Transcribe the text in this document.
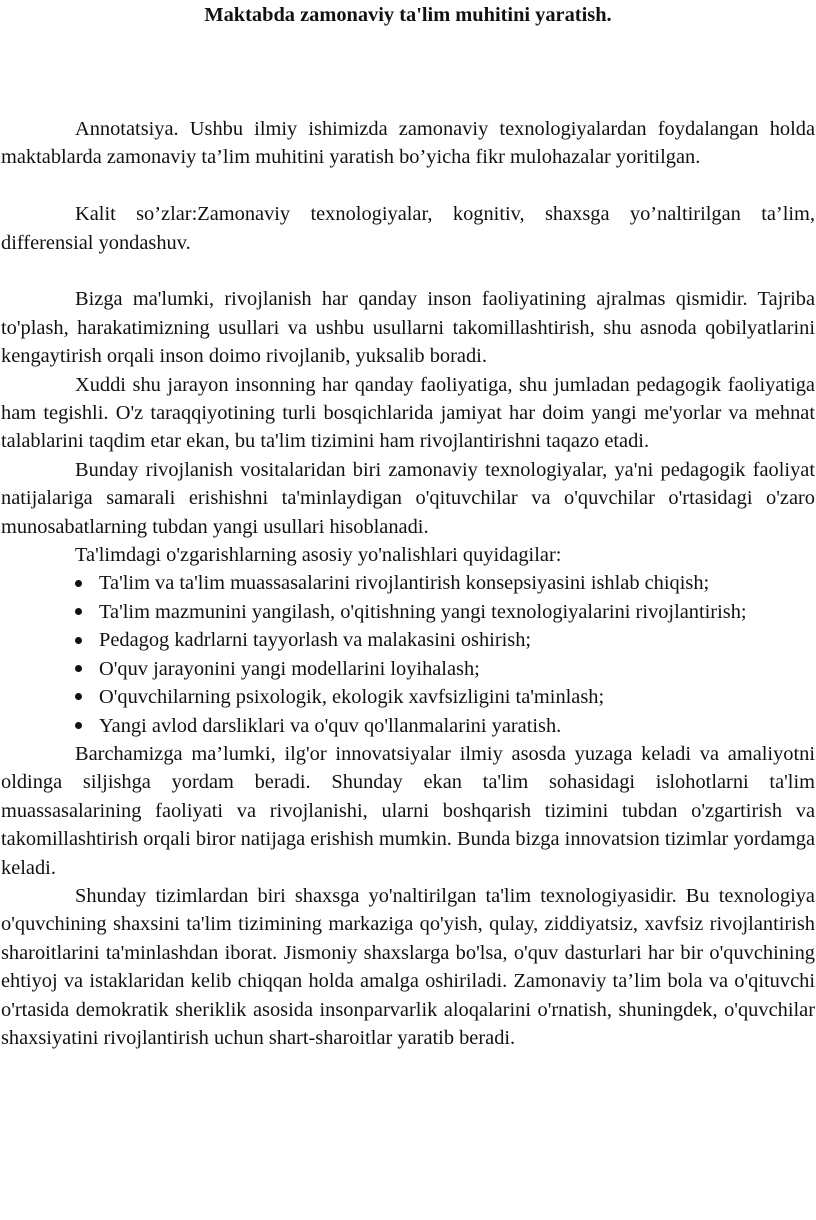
Maktabda zamonaviy ta'lim muhitini yaratish.

Annotatsiya. Ushbu ilmiy ishimizda zamonaviy texnologiyalardan foydalangan holda maktablarda zamonaviy ta’lim muhitini yaratish bo’yicha fikr mulohazalar yoritilgan.

Kalit so’zlar:Zamonaviy texnologiyalar, kognitiv, shaxsga yo’naltirilgan ta’lim, differensial yondashuv.

Bizga ma'lumki, rivojlanish har qanday inson faoliyatining ajralmas qismidir. Tajriba to'plash, harakatimizning usullari va ushbu usullarni takomillashtirish, shu asnoda qobilyatlarini kengaytirish orqali inson doimo rivojlanib, yuksalib boradi.

Xuddi shu jarayon insonning har qanday faoliyatiga, shu jumladan pedagogik faoliyatiga ham tegishli. O'z taraqqiyotining turli bosqichlarida jamiyat har doim yangi me'yorlar va mehnat talablarini taqdim etar ekan, bu ta'lim tizimini ham rivojlantirishni taqazo etadi.

Bunday rivojlanish vositalaridan biri zamonaviy texnologiyalar, ya'ni pedagogik faoliyat natijalariga samarali erishishni ta'minlaydigan o'qituvchilar va o'quvchilar o'rtasidagi o'zaro munosabatlarning tubdan yangi usullari hisoblanadi.

Ta'limdagi o'zgarishlarning asosiy yo'nalishlari quyidagilar:

Ta'lim va ta'lim muassasalarini rivojlantirish konsepsiyasini ishlab chiqish;
Ta'lim mazmunini yangilash, o'qitishning yangi texnologiyalarini rivojlantirish;
Pedagog kadrlarni tayyorlash va malakasini oshirish;
O'quv jarayonini yangi modellarini loyihalash;
O'quvchilarning psixologik, ekologik xavfsizligini ta'minlash;
Yangi avlod darsliklari va o'quv qo'llanmalarini yaratish.

Barchamizga ma’lumki, ilg'or innovatsiyalar ilmiy asosda yuzaga keladi va amaliyotni oldinga siljishga yordam beradi. Shunday ekan ta'lim sohasidagi islohotlarni ta'lim muassasalarining faoliyati va rivojlanishi, ularni boshqarish tizimini tubdan o'zgartirish va takomillashtirish orqali biror natijaga erishish mumkin. Bunda bizga innovatsion tizimlar yordamga keladi.

Shunday tizimlardan biri shaxsga yo'naltirilgan ta'lim texnologiyasidir. Bu texnologiya o'quvchining shaxsini ta'lim tizimining markaziga qo'yish, qulay, ziddiyatsiz, xavfsiz rivojlantirish sharoitlarini ta'minlashdan iborat. Jismoniy shaxslarga bo'lsa, o'quv dasturlari har bir o'quvchining ehtiyoj va istaklaridan kelib chiqqan holda amalga oshiriladi. Zamonaviy ta’lim bola va o'qituvchi o'rtasida demokratik sheriklik asosida insonparvarlik aloqalarini o'rnatish, shuningdek, o'quvchilar shaxsiyatini rivojlantirish uchun shart-sharoitlar yaratib beradi.
